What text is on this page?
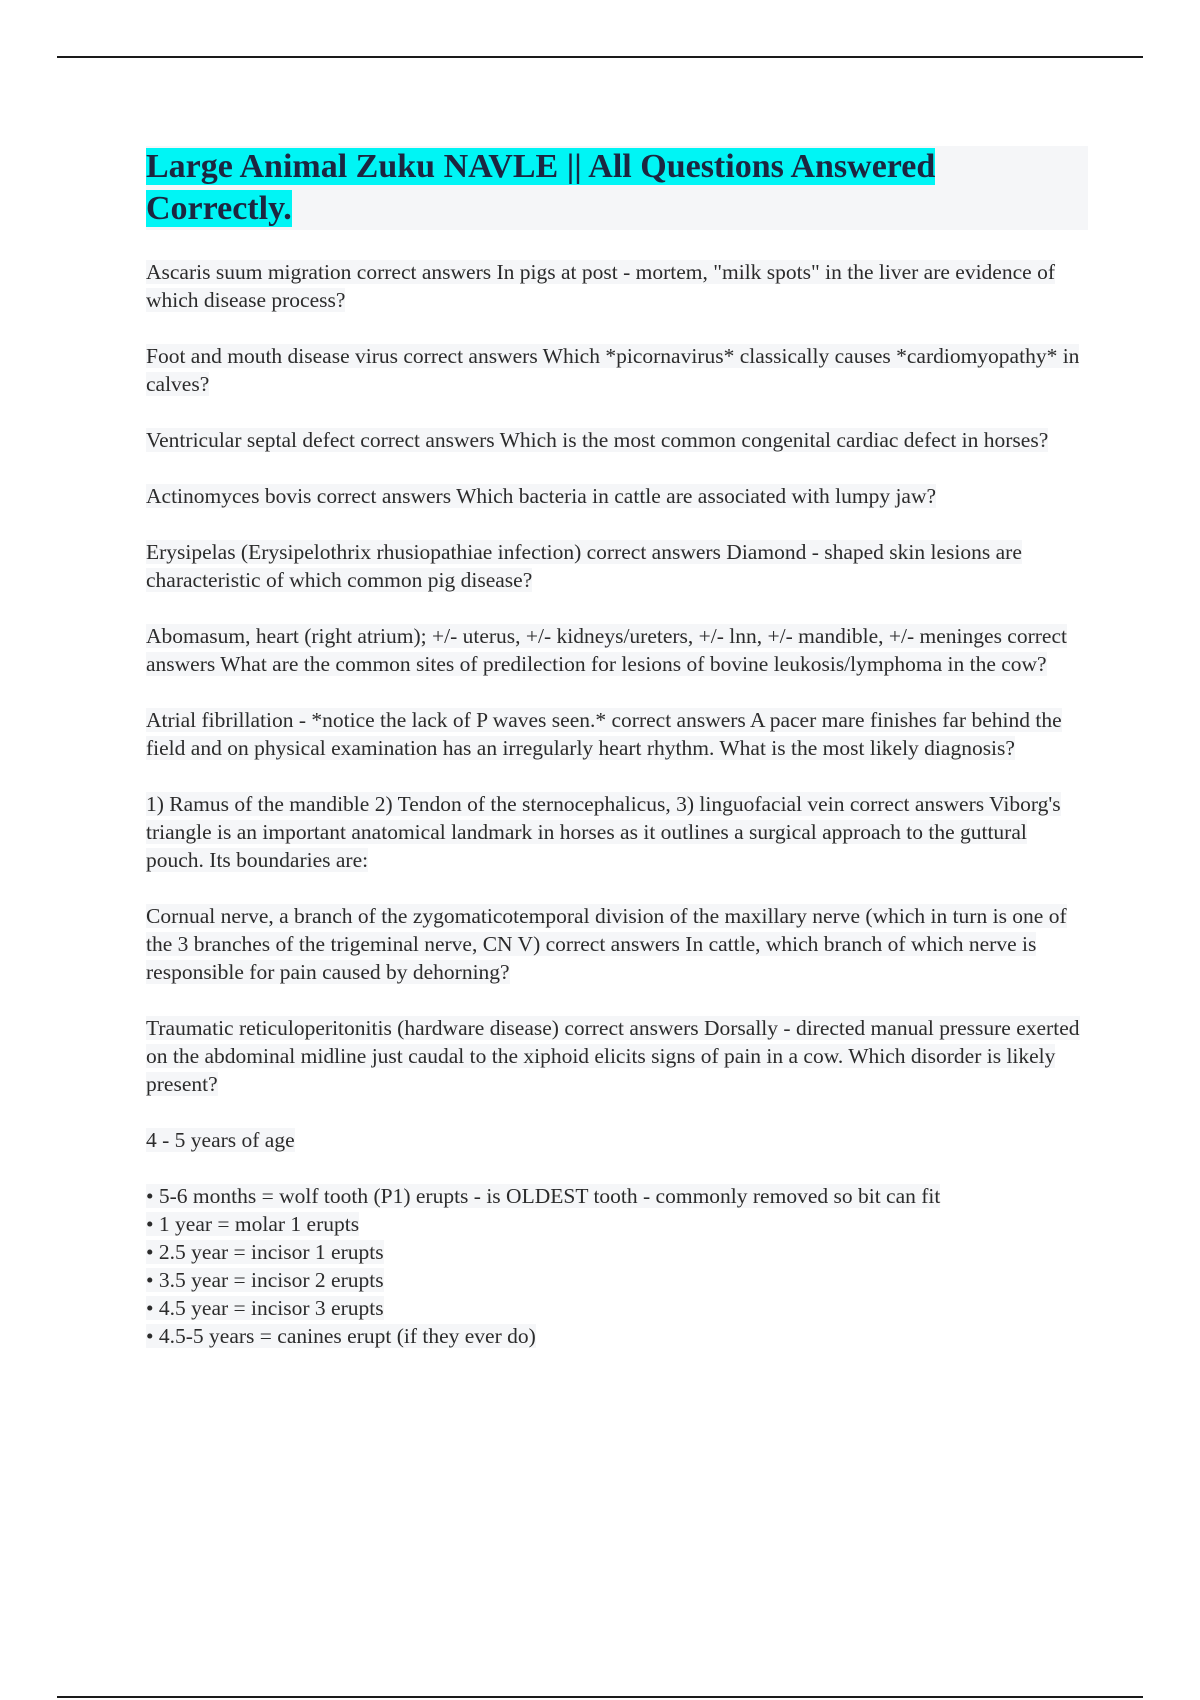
Large Animal Zuku NAVLE || All Questions Answered Correctly.

Ascaris suum migration correct answers In pigs at post - mortem, "milk spots" in the liver are evidence of which disease process?

Foot and mouth disease virus correct answers Which *picornavirus* classically causes *cardiomyopathy* in calves?

Ventricular septal defect correct answers Which is the most common congenital cardiac defect in horses?

Actinomyces bovis correct answers Which bacteria in cattle are associated with lumpy jaw?

Erysipelas (Erysipelothrix rhusiopathiae infection) correct answers Diamond - shaped skin lesions are characteristic of which common pig disease?

Abomasum, heart (right atrium); +/- uterus, +/- kidneys/ureters, +/- lnn, +/- mandible, +/- meninges correct answers What are the common sites of predilection for lesions of bovine leukosis/lymphoma in the cow?

Atrial fibrillation - *notice the lack of P waves seen.* correct answers A pacer mare finishes far behind the field and on physical examination has an irregularly heart rhythm. What is the most likely diagnosis?

1) Ramus of the mandible 2) Tendon of the sternocephalicus, 3) linguofacial vein correct answers Viborg's triangle is an important anatomical landmark in horses as it outlines a surgical approach to the guttural pouch. Its boundaries are:

Cornual nerve, a branch of the zygomaticotemporal division of the maxillary nerve (which in turn is one of the 3 branches of the trigeminal nerve, CN V) correct answers In cattle, which branch of which nerve is responsible for pain caused by dehorning?

Traumatic reticuloperitonitis (hardware disease) correct answers Dorsally - directed manual pressure exerted on the abdominal midline just caudal to the xiphoid elicits signs of pain in a cow. Which disorder is likely present?

4 - 5 years of age

• 5-6 months = wolf tooth (P1) erupts - is OLDEST tooth - commonly removed so bit can fit
• 1 year = molar 1 erupts
• 2.5 year = incisor 1 erupts
• 3.5 year = incisor 2 erupts
• 4.5 year = incisor 3 erupts
• 4.5-5 years = canines erupt (if they ever do)
